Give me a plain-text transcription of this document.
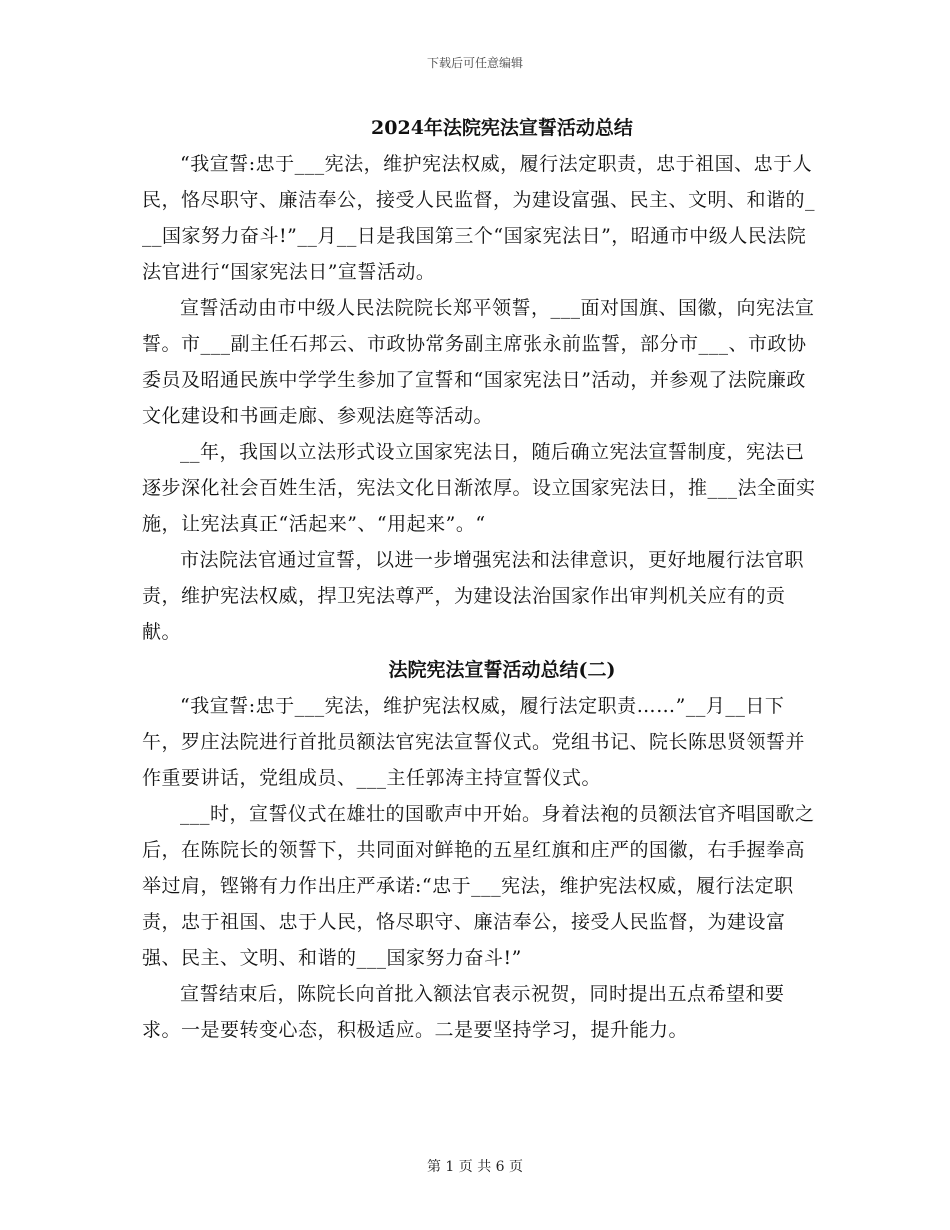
下载后可任意编辑
2024年法院宪法宣誓活动总结

“我宣誓:忠于___宪法，维护宪法权威，履行法定职责，忠于祖国、忠于人民，恪尽职守、廉洁奉公，接受人民监督，为建设富强、民主、文明、和谐的___国家努力奋斗!”__月__日是我国第三个“国家宪法日”，昭通市中级人民法院法官进行“国家宪法日”宣誓活动。

宣誓活动由市中级人民法院院长郑平领誓，___面对国旗、国徽，向宪法宣誓。市___副主任石邦云、市政协常务副主席张永前监誓，部分市___、市政协委员及昭通民族中学学生参加了宣誓和“国家宪法日”活动，并参观了法院廉政文化建设和书画走廊、参观法庭等活动。

__年，我国以立法形式设立国家宪法日，随后确立宪法宣誓制度，宪法已逐步深化社会百姓生活，宪法文化日渐浓厚。设立国家宪法日，推___法全面实施，让宪法真正“活起来”、“用起来”。“

市法院法官通过宣誓，以进一步增强宪法和法律意识，更好地履行法官职责，维护宪法权威，捍卫宪法尊严，为建设法治国家作出审判机关应有的贡献。

法院宪法宣誓活动总结(二)

“我宣誓:忠于___宪法，维护宪法权威，履行法定职责……”__月__日下午，罗庄法院进行首批员额法官宪法宣誓仪式。党组书记、院长陈思贤领誓并作重要讲话，党组成员、___主任郭涛主持宣誓仪式。

___时，宣誓仪式在雄壮的国歌声中开始。身着法袍的员额法官齐唱国歌之后，在陈院长的领誓下，共同面对鲜艳的五星红旗和庄严的国徽，右手握拳高举过肩，铿锵有力作出庄严承诺:“忠于___宪法，维护宪法权威，履行法定职责，忠于祖国、忠于人民，恪尽职守、廉洁奉公，接受人民监督，为建设富强、民主、文明、和谐的___国家努力奋斗!”

宣誓结束后，陈院长向首批入额法官表示祝贺，同时提出五点希望和要求。一是要转变心态，积极适应。二是要坚持学习，提升能力。

第 1 页 共 6 页
